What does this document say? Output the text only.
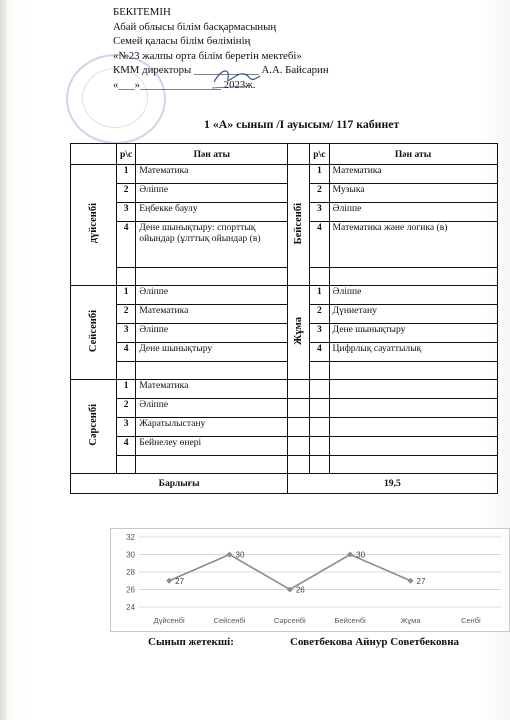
БЕКІТЕМІН
Абай облысы білім басқармасының
Семей қаласы білім бөлімінің
«№23 жалпы орта білім беретін мектебі»
КММ директоры ____________ А.А. Байсарин
«___»_______________ 2023ж.
1 «А» сынып /І ауысым/ 117 кабинет
	р\с	Пән аты		р\с	Пән аты
дүйсенбі	1	Математика	Бейсенбі	1	Математика
	2	Әліппе		2	Музыка
	3	Еңбекке баулу		3	Әліппе
	4	Дене шынықтыру: спорттық ойындар (ұлттық ойындар (в)		4	Математика және логика (в)

Сейсенбі	1	Әліппе	Жұма	1	Әліппе
	2	Математика		2	Дүниетану
	3	Әліппе		3	Дене шынықтыру
	4	Дене шынықтыру		4	Цифрлық сауаттылық

Сәрсенбі	1	Математика			
	2	Әліппе			
	3	Жаратылыстану			
	4	Бейнелеу өнері			

Барлығы			19,5		
24
26
28
30
32
Дүйсенбі	Сейсенбі	Сәрсенбі	Бейсенбі	Жұма	Сенбі
27
30
26
30
27
Сынып жетекші:	Советбекова Айнур Советбековна
